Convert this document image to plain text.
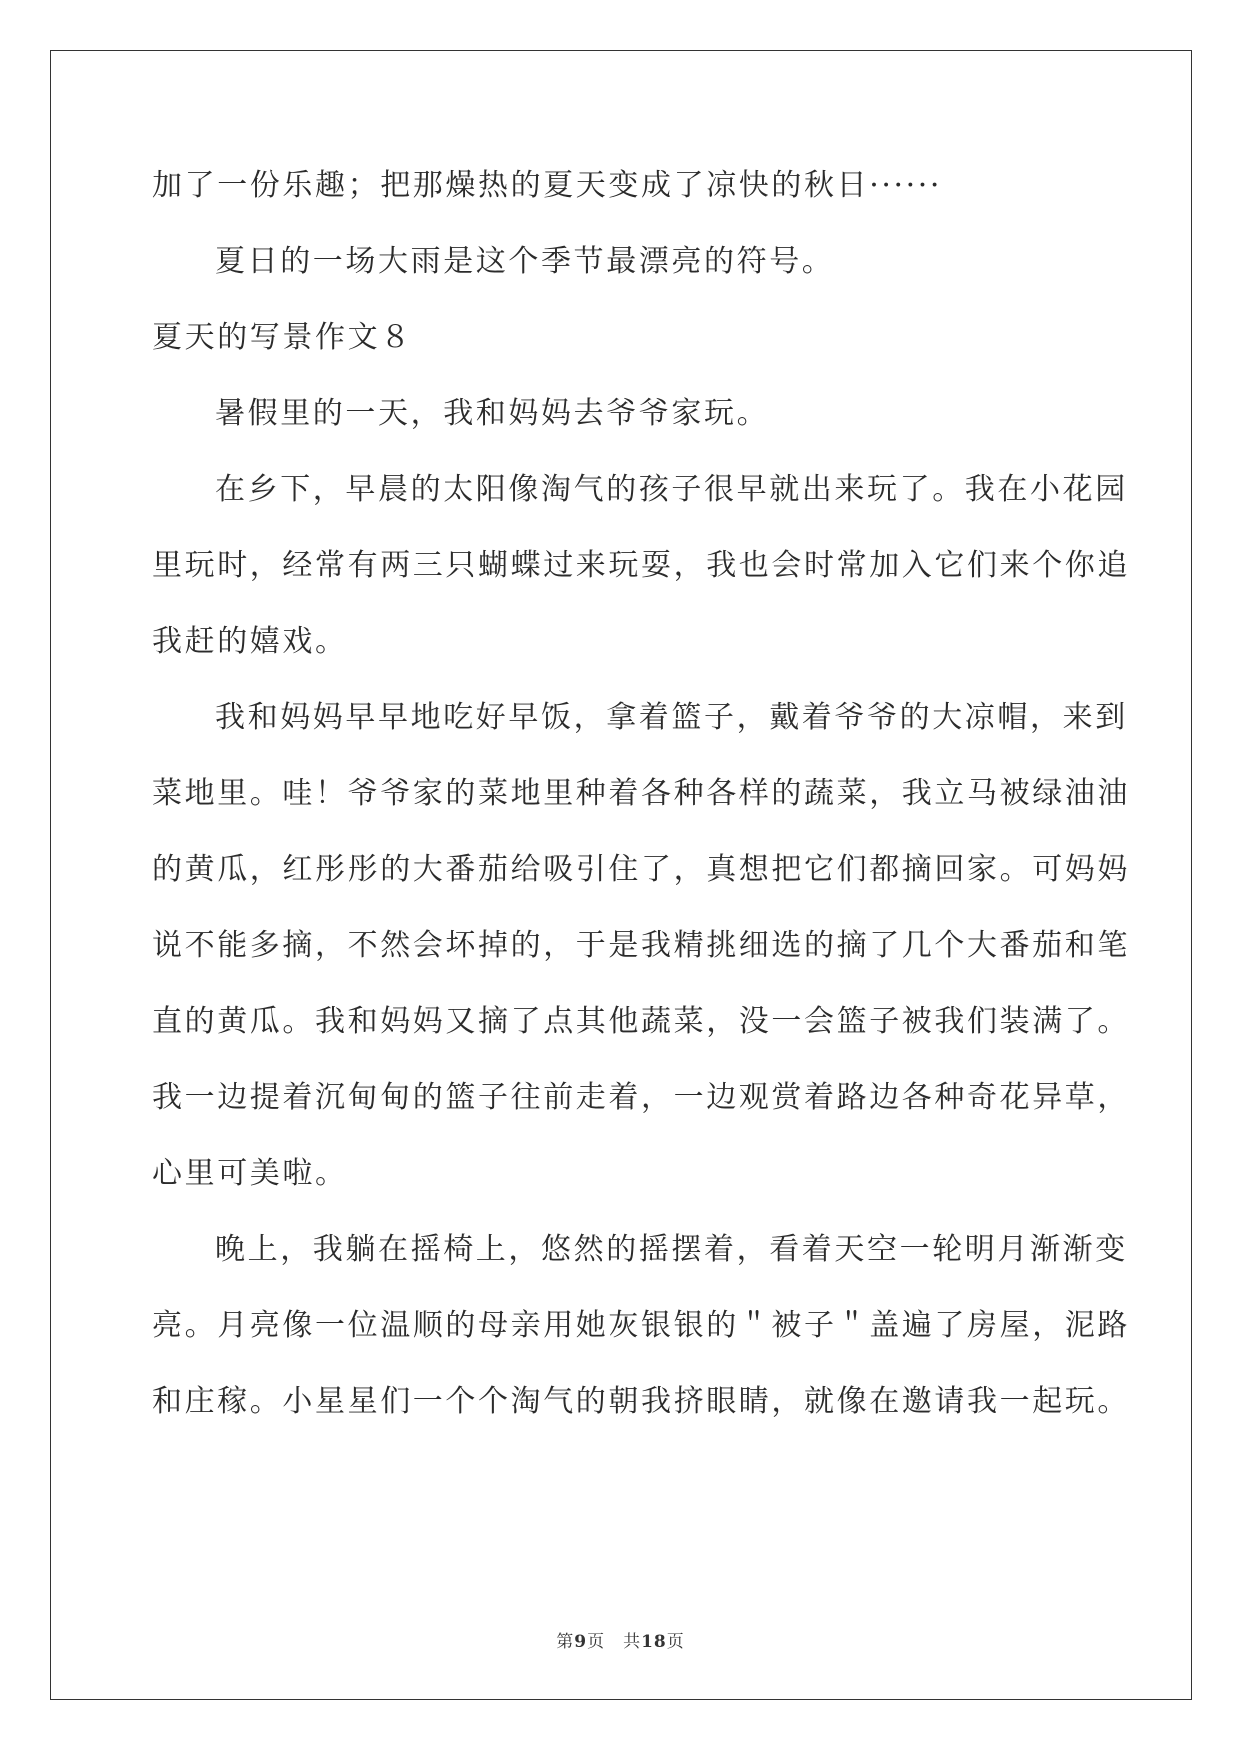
加了一份乐趣；把那燥热的夏天变成了凉快的秋日······
夏日的一场大雨是这个季节最漂亮的符号。
夏天的写景作文８
暑假里的一天，我和妈妈去爷爷家玩。
在乡下，早晨的太阳像淘气的孩子很早就出来玩了。我在小花园
里玩时，经常有两三只蝴蝶过来玩耍，我也会时常加入它们来个你追
我赶的嬉戏。
我和妈妈早早地吃好早饭，拿着篮子，戴着爷爷的大凉帽，来到
菜地里。哇！爷爷家的菜地里种着各种各样的蔬菜，我立马被绿油油
的黄瓜，红彤彤的大番茄给吸引住了，真想把它们都摘回家。可妈妈
说不能多摘，不然会坏掉的，于是我精挑细选的摘了几个大番茄和笔
直的黄瓜。我和妈妈又摘了点其他蔬菜，没一会篮子被我们装满了。
我一边提着沉甸甸的篮子往前走着，一边观赏着路边各种奇花异草，
心里可美啦。
晚上，我躺在摇椅上，悠然的摇摆着，看着天空一轮明月渐渐变
亮。月亮像一位温顺的母亲用她灰银银的＂被子＂盖遍了房屋，泥路
和庄稼。小星星们一个个淘气的朝我挤眼睛，就像在邀请我一起玩。
第9页 共18页
